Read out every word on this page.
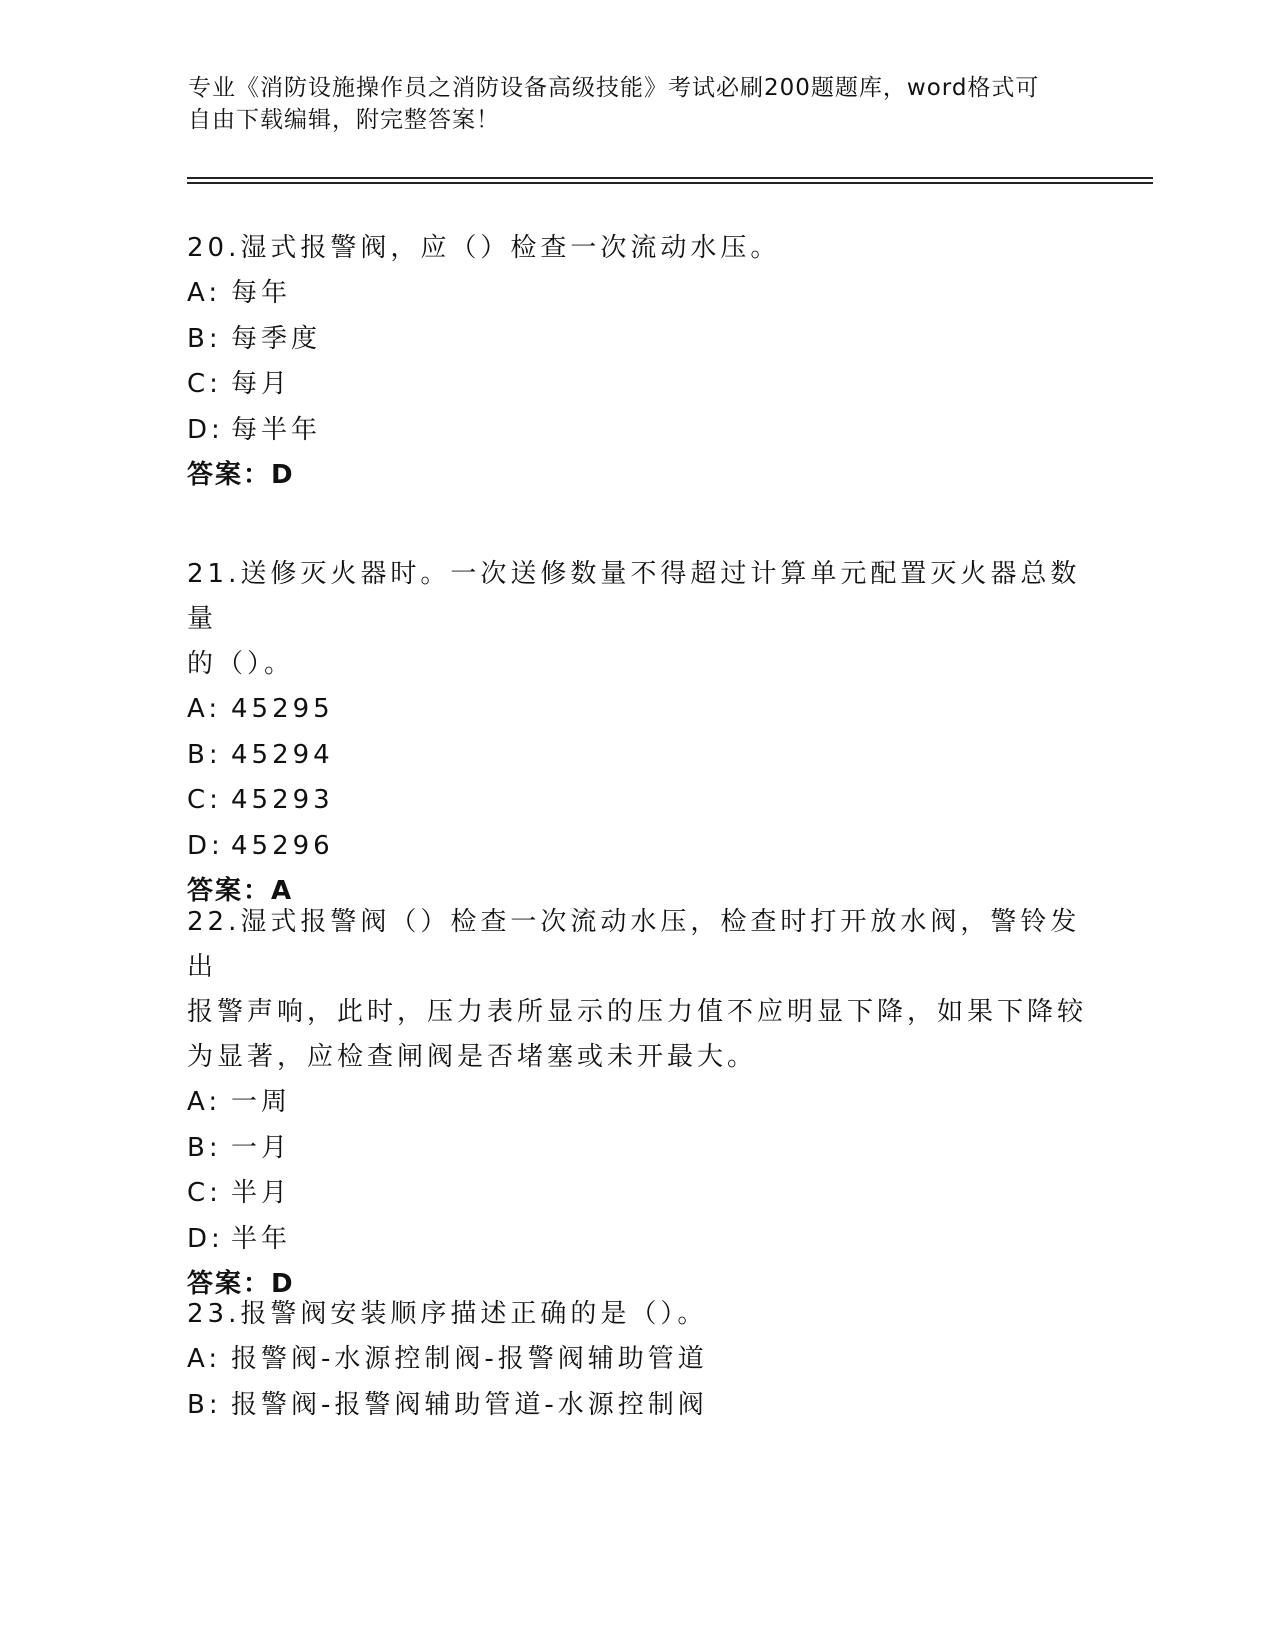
专业《消防设施操作员之消防设备高级技能》考试必刷200题题库，word格式可
自由下载编辑，附完整答案！

20.湿式报警阀，应（）检查一次流动水压。

A: 每年

B: 每季度

C: 每月

D: 每半年

答案：D

21.送修灭火器时。一次送修数量不得超过计算单元配置灭火器总数量

的（）。

A: 45295

B: 45294

C: 45293

D: 45296

答案：A

22.湿式报警阀（）检查一次流动水压，检查时打开放水阀，警铃发出

报警声响，此时，压力表所显示的压力值不应明显下降，如果下降较

为显著，应检查闸阀是否堵塞或未开最大。

A: 一周

B: 一月

C: 半月

D: 半年

答案：D

23.报警阀安装顺序描述正确的是（）。

A: 报警阀-水源控制阀-报警阀辅助管道

B: 报警阀-报警阀辅助管道-水源控制阀
